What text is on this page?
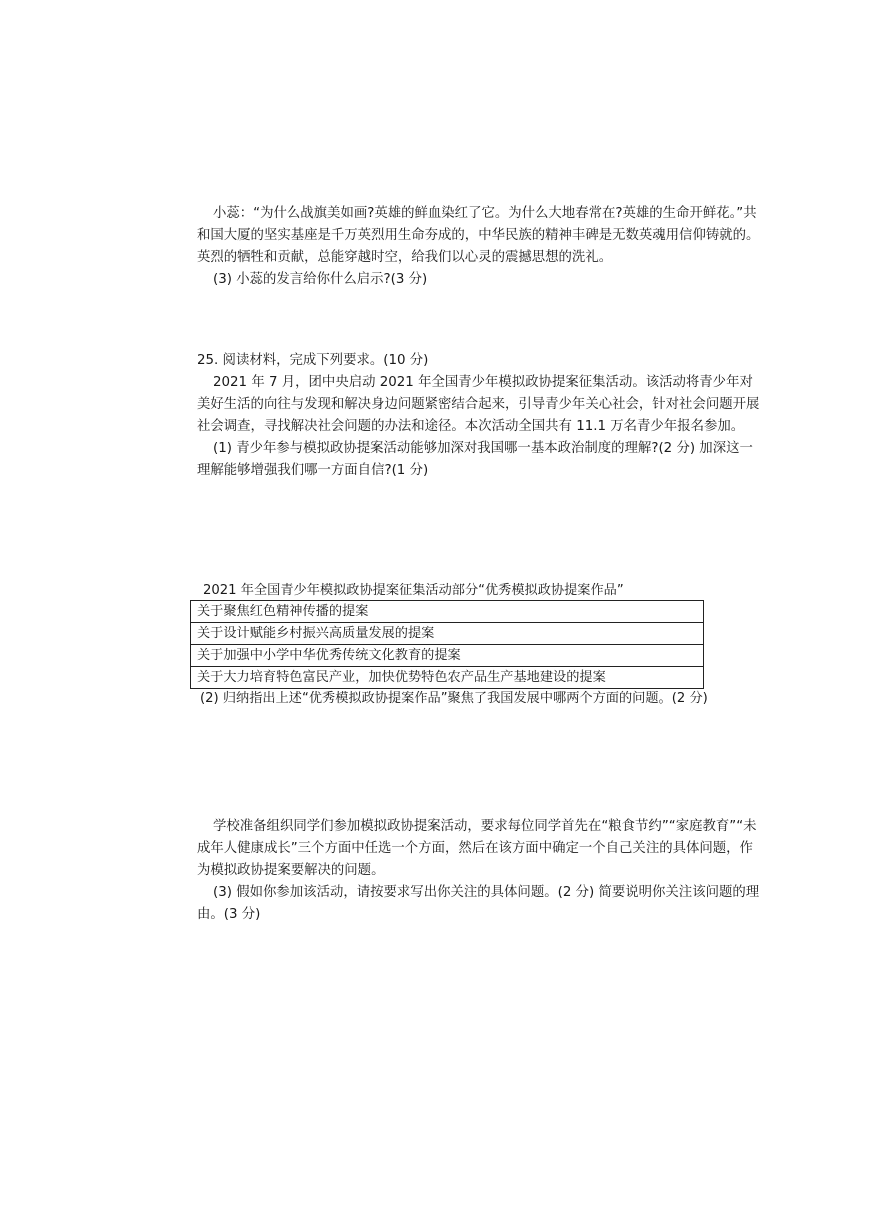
小蕊：“为什么战旗美如画?英雄的鲜血染红了它。为什么大地春常在?英雄的生命开鲜花。”共和国大厦的坚实基座是千万英烈用生命夯成的，中华民族的精神丰碑是无数英魂用信仰铸就的。英烈的牺牲和贡献，总能穿越时空，给我们以心灵的震撼思想的洗礼。

(3) 小蕊的发言给你什么启示?(3 分)

25. 阅读材料，完成下列要求。(10 分)

2021 年 7 月，团中央启动 2021 年全国青少年模拟政协提案征集活动。该活动将青少年对美好生活的向往与发现和解决身边问题紧密结合起来，引导青少年关心社会，针对社会问题开展社会调查，寻找解决社会问题的办法和途径。本次活动全国共有 11.1 万名青少年报名参加。

(1) 青少年参与模拟政协提案活动能够加深对我国哪一基本政治制度的理解?(2 分) 加深这一理解能够增强我们哪一方面自信?(1 分)

2021 年全国青少年模拟政协提案征集活动部分“优秀模拟政协提案作品”
关于聚焦红色精神传播的提案
关于设计赋能乡村振兴高质量发展的提案
关于加强中小学中华优秀传统文化教育的提案
关于大力培育特色富民产业，加快优势特色农产品生产基地建设的提案
(2) 归纳指出上述“优秀模拟政协提案作品”聚焦了我国发展中哪两个方面的问题。(2 分)

学校准备组织同学们参加模拟政协提案活动，要求每位同学首先在“粮食节约”“家庭教育”“未成年人健康成长”三个方面中任选一个方面，然后在该方面中确定一个自己关注的具体问题，作为模拟政协提案要解决的问题。

(3) 假如你参加该活动，请按要求写出你关注的具体问题。(2 分) 简要说明你关注该问题的理由。(3 分)
